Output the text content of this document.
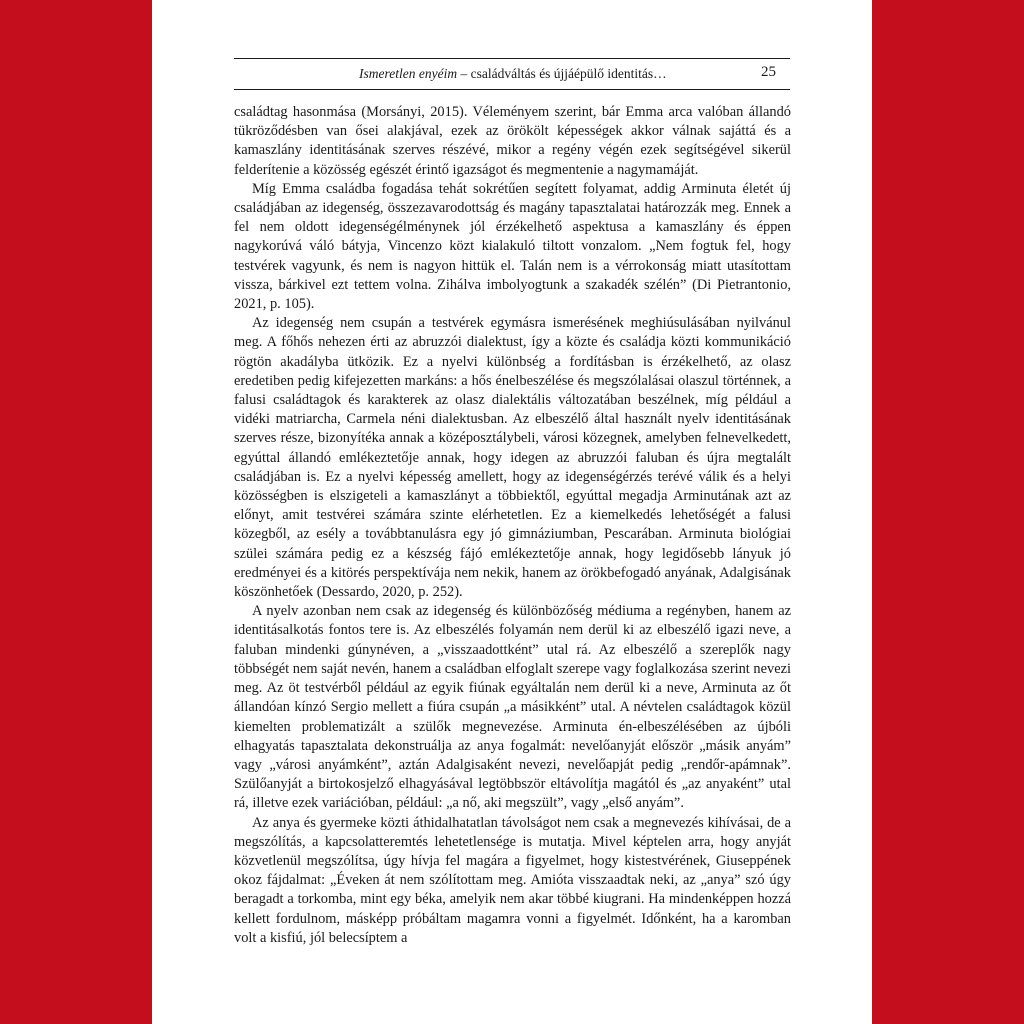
Ismeretlen enyéim – családváltás és újjáépülő identitás…	25

családtag hasonmása (Morsányi, 2015). Véleményem szerint, bár Emma arca valóban állandó tükröződésben van ősei alakjával, ezek az örökölt képességek akkor válnak sajáttá és a kamaszlány identitásának szerves részévé, mikor a regény végén ezek segítségével sikerül felderítenie a közösség egészét érintő igazságot és megmentenie a nagymamáját.

Míg Emma családba fogadása tehát sokrétűen segített folyamat, addig Arminuta életét új családjában az idegenség, összezavarodottság és magány tapasztalatai határozzák meg. Ennek a fel nem oldott idegenségélménynek jól érzékelhető aspektusa a kamaszlány és éppen nagykorúvá váló bátyja, Vincenzo közt kialakuló tiltott vonzalom. „Nem fogtuk fel, hogy testvérek vagyunk, és nem is nagyon hittük el. Talán nem is a vérrokonság miatt utasítottam vissza, bárkivel ezt tettem volna. Zihálva imbolyogtunk a szakadék szélén” (Di Pietrantonio, 2021, p. 105).

Az idegenség nem csupán a testvérek egymásra ismerésének meghiúsulásában nyilvánul meg. A főhős nehezen érti az abruzzói dialektust, így a közte és családja közti kommunikáció rögtön akadályba ütközik. Ez a nyelvi különbség a fordításban is érzékelhető, az olasz eredetiben pedig kifejezetten markáns: a hős énelbeszélése és megszólalásai olaszul történnek, a falusi családtagok és karakterek az olasz dialektális változatában beszélnek, míg például a vidéki matriarcha, Carmela néni dialektusban. Az elbeszélő által használt nyelv identitásának szerves része, bizonyítéka annak a középosztálybeli, városi közegnek, amelyben felnevelkedett, egyúttal állandó emlékeztetője annak, hogy idegen az abruzzói faluban és újra megtalált családjában is. Ez a nyelvi képesség amellett, hogy az idegenségérzés terévé válik és a helyi közösségben is elszigeteli a kamaszlányt a többiektől, egyúttal megadja Arminutának azt az előnyt, amit testvérei számára szinte elérhetetlen. Ez a kiemelkedés lehetőségét a falusi közegből, az esély a továbbtanulásra egy jó gimnáziumban, Pescarában. Arminuta biológiai szülei számára pedig ez a készség fájó emlékeztetője annak, hogy legidősebb lányuk jó eredményei és a kitörés perspektívája nem nekik, hanem az örökbefogadó anyának, Adalgisának köszönhetőek (Dessardo, 2020, p. 252).

A nyelv azonban nem csak az idegenség és különbözőség médiuma a regényben, hanem az identitásalkotás fontos tere is. Az elbeszélés folyamán nem derül ki az elbeszélő igazi neve, a faluban mindenki gúnynéven, a „visszaadottként” utal rá. Az elbeszélő a szereplők nagy többségét nem saját nevén, hanem a családban elfoglalt szerepe vagy foglalkozása szerint nevezi meg. Az öt testvérből például az egyik fiúnak egyáltalán nem derül ki a neve, Arminuta az őt állandóan kínzó Sergio mellett a fiúra csupán „a másikként” utal. A névtelen családtagok közül kiemelten problematizált a szülők megnevezése. Arminuta én-elbeszélésében az újbóli elhagyatás tapasztalata dekonstruálja az anya fogalmát: nevelőanyját először „másik anyám” vagy „városi anyámként”, aztán Adalgisaként nevezi, nevelőapját pedig „rendőr-apámnak”. Szülőanyját a birtokosjelző elhagyásával legtöbbször eltávolítja magától és „az anyaként” utal rá, illetve ezek variációban, például: „a nő, aki megszült”, vagy „első anyám”.

Az anya és gyermeke közti áthidalhatatlan távolságot nem csak a megnevezés kihívásai, de a megszólítás, a kapcsolatteremtés lehetetlensége is mutatja. Mivel képtelen arra, hogy anyját közvetlenül megszólítsa, úgy hívja fel magára a figyelmet, hogy kistestvérének, Giuseppének okoz fájdalmat: „Éveken át nem szólítottam meg. Amióta visszaadtak neki, az „anya” szó úgy beragadt a torkomba, mint egy béka, amelyik nem akar többé kiugrani. Ha mindenképpen hozzá kellett fordulnom, másképp próbáltam magamra vonni a figyelmét. Időnként, ha a karomban volt a kisfiú, jól belecsíptem a
